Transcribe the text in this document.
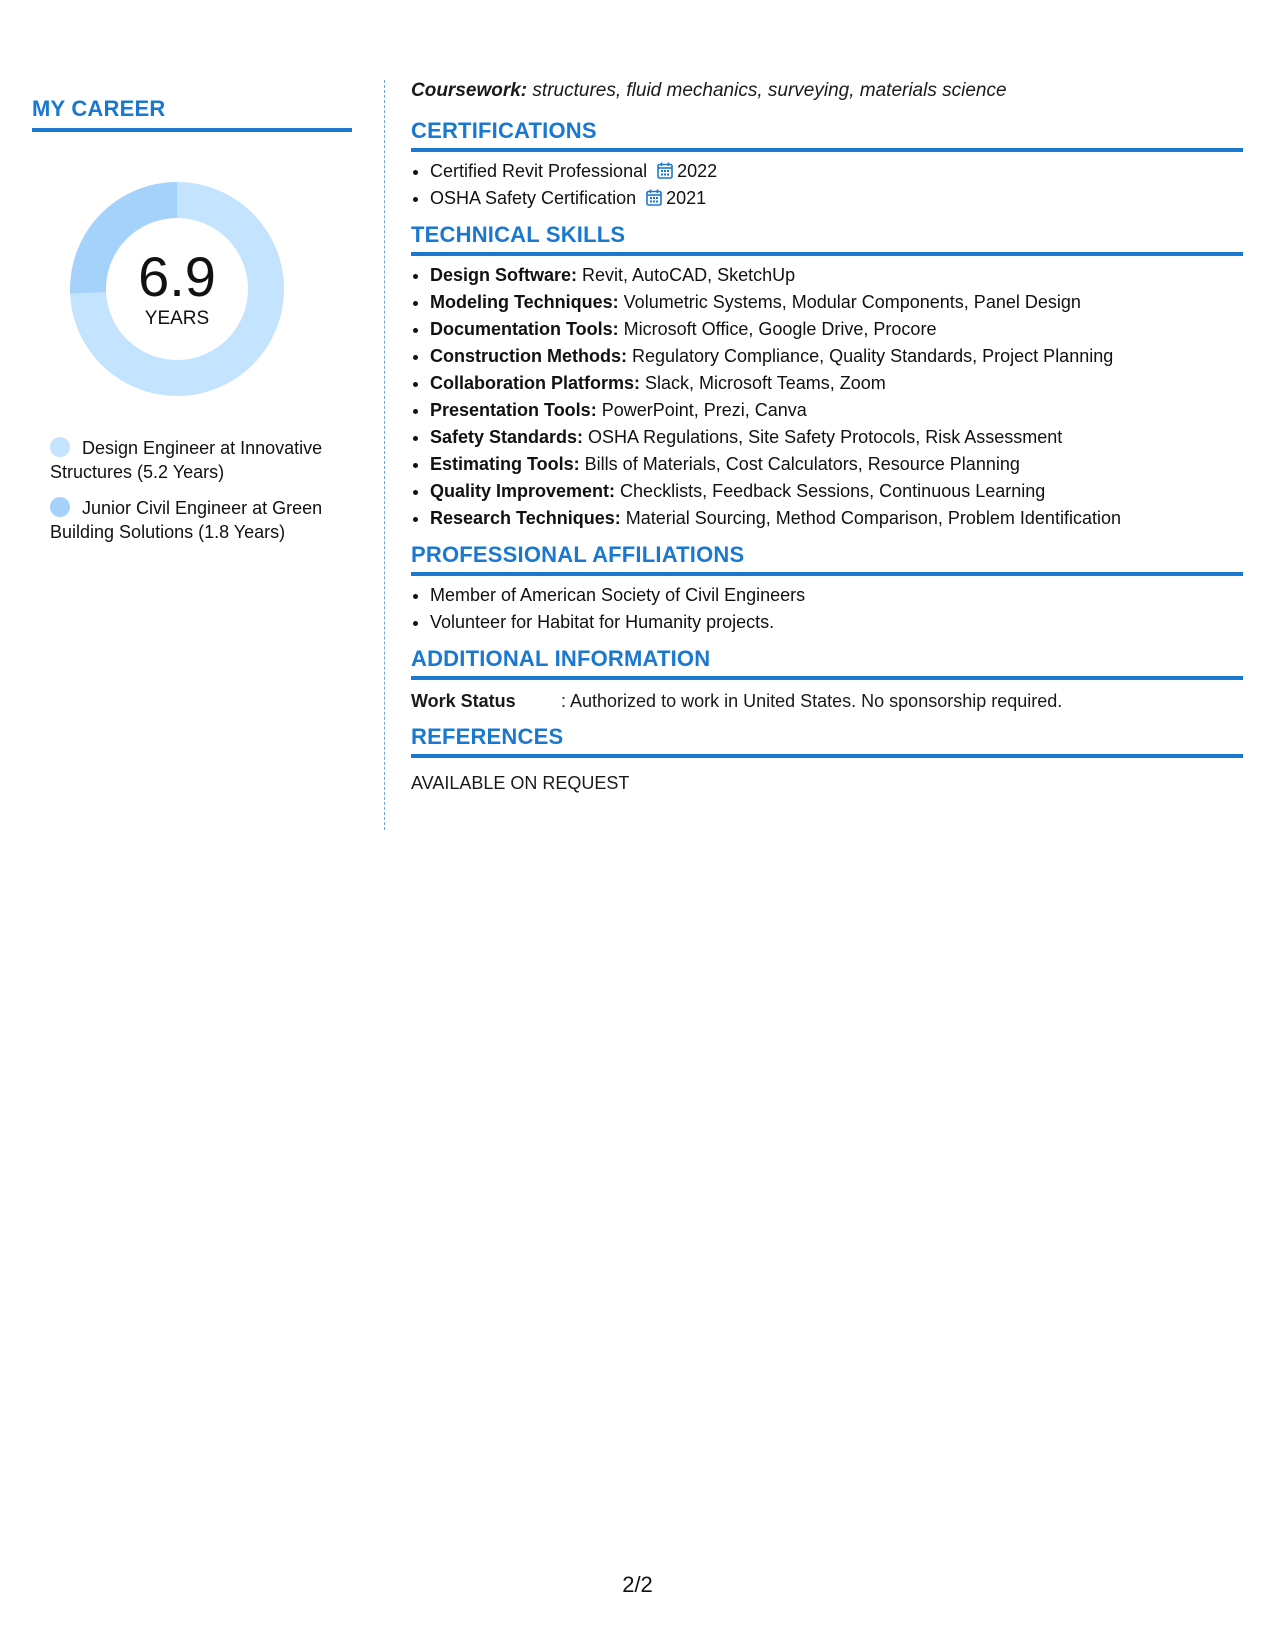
MY CAREER
6.9
YEARS
Design Engineer at Innovative Structures (5.2 Years)
Junior Civil Engineer at Green Building Solutions (1.8 Years)
Coursework: structures, fluid mechanics, surveying, materials science
CERTIFICATIONS
• Certified Revit Professional 2022
• OSHA Safety Certification 2021
TECHNICAL SKILLS
• Design Software: Revit, AutoCAD, SketchUp
• Modeling Techniques: Volumetric Systems, Modular Components, Panel Design
• Documentation Tools: Microsoft Office, Google Drive, Procore
• Construction Methods: Regulatory Compliance, Quality Standards, Project Planning
• Collaboration Platforms: Slack, Microsoft Teams, Zoom
• Presentation Tools: PowerPoint, Prezi, Canva
• Safety Standards: OSHA Regulations, Site Safety Protocols, Risk Assessment
• Estimating Tools: Bills of Materials, Cost Calculators, Resource Planning
• Quality Improvement: Checklists, Feedback Sessions, Continuous Learning
• Research Techniques: Material Sourcing, Method Comparison, Problem Identification
PROFESSIONAL AFFILIATIONS
• Member of American Society of Civil Engineers
• Volunteer for Habitat for Humanity projects.
ADDITIONAL INFORMATION
Work Status	: Authorized to work in United States. No sponsorship required.
REFERENCES
AVAILABLE ON REQUEST
2/2
